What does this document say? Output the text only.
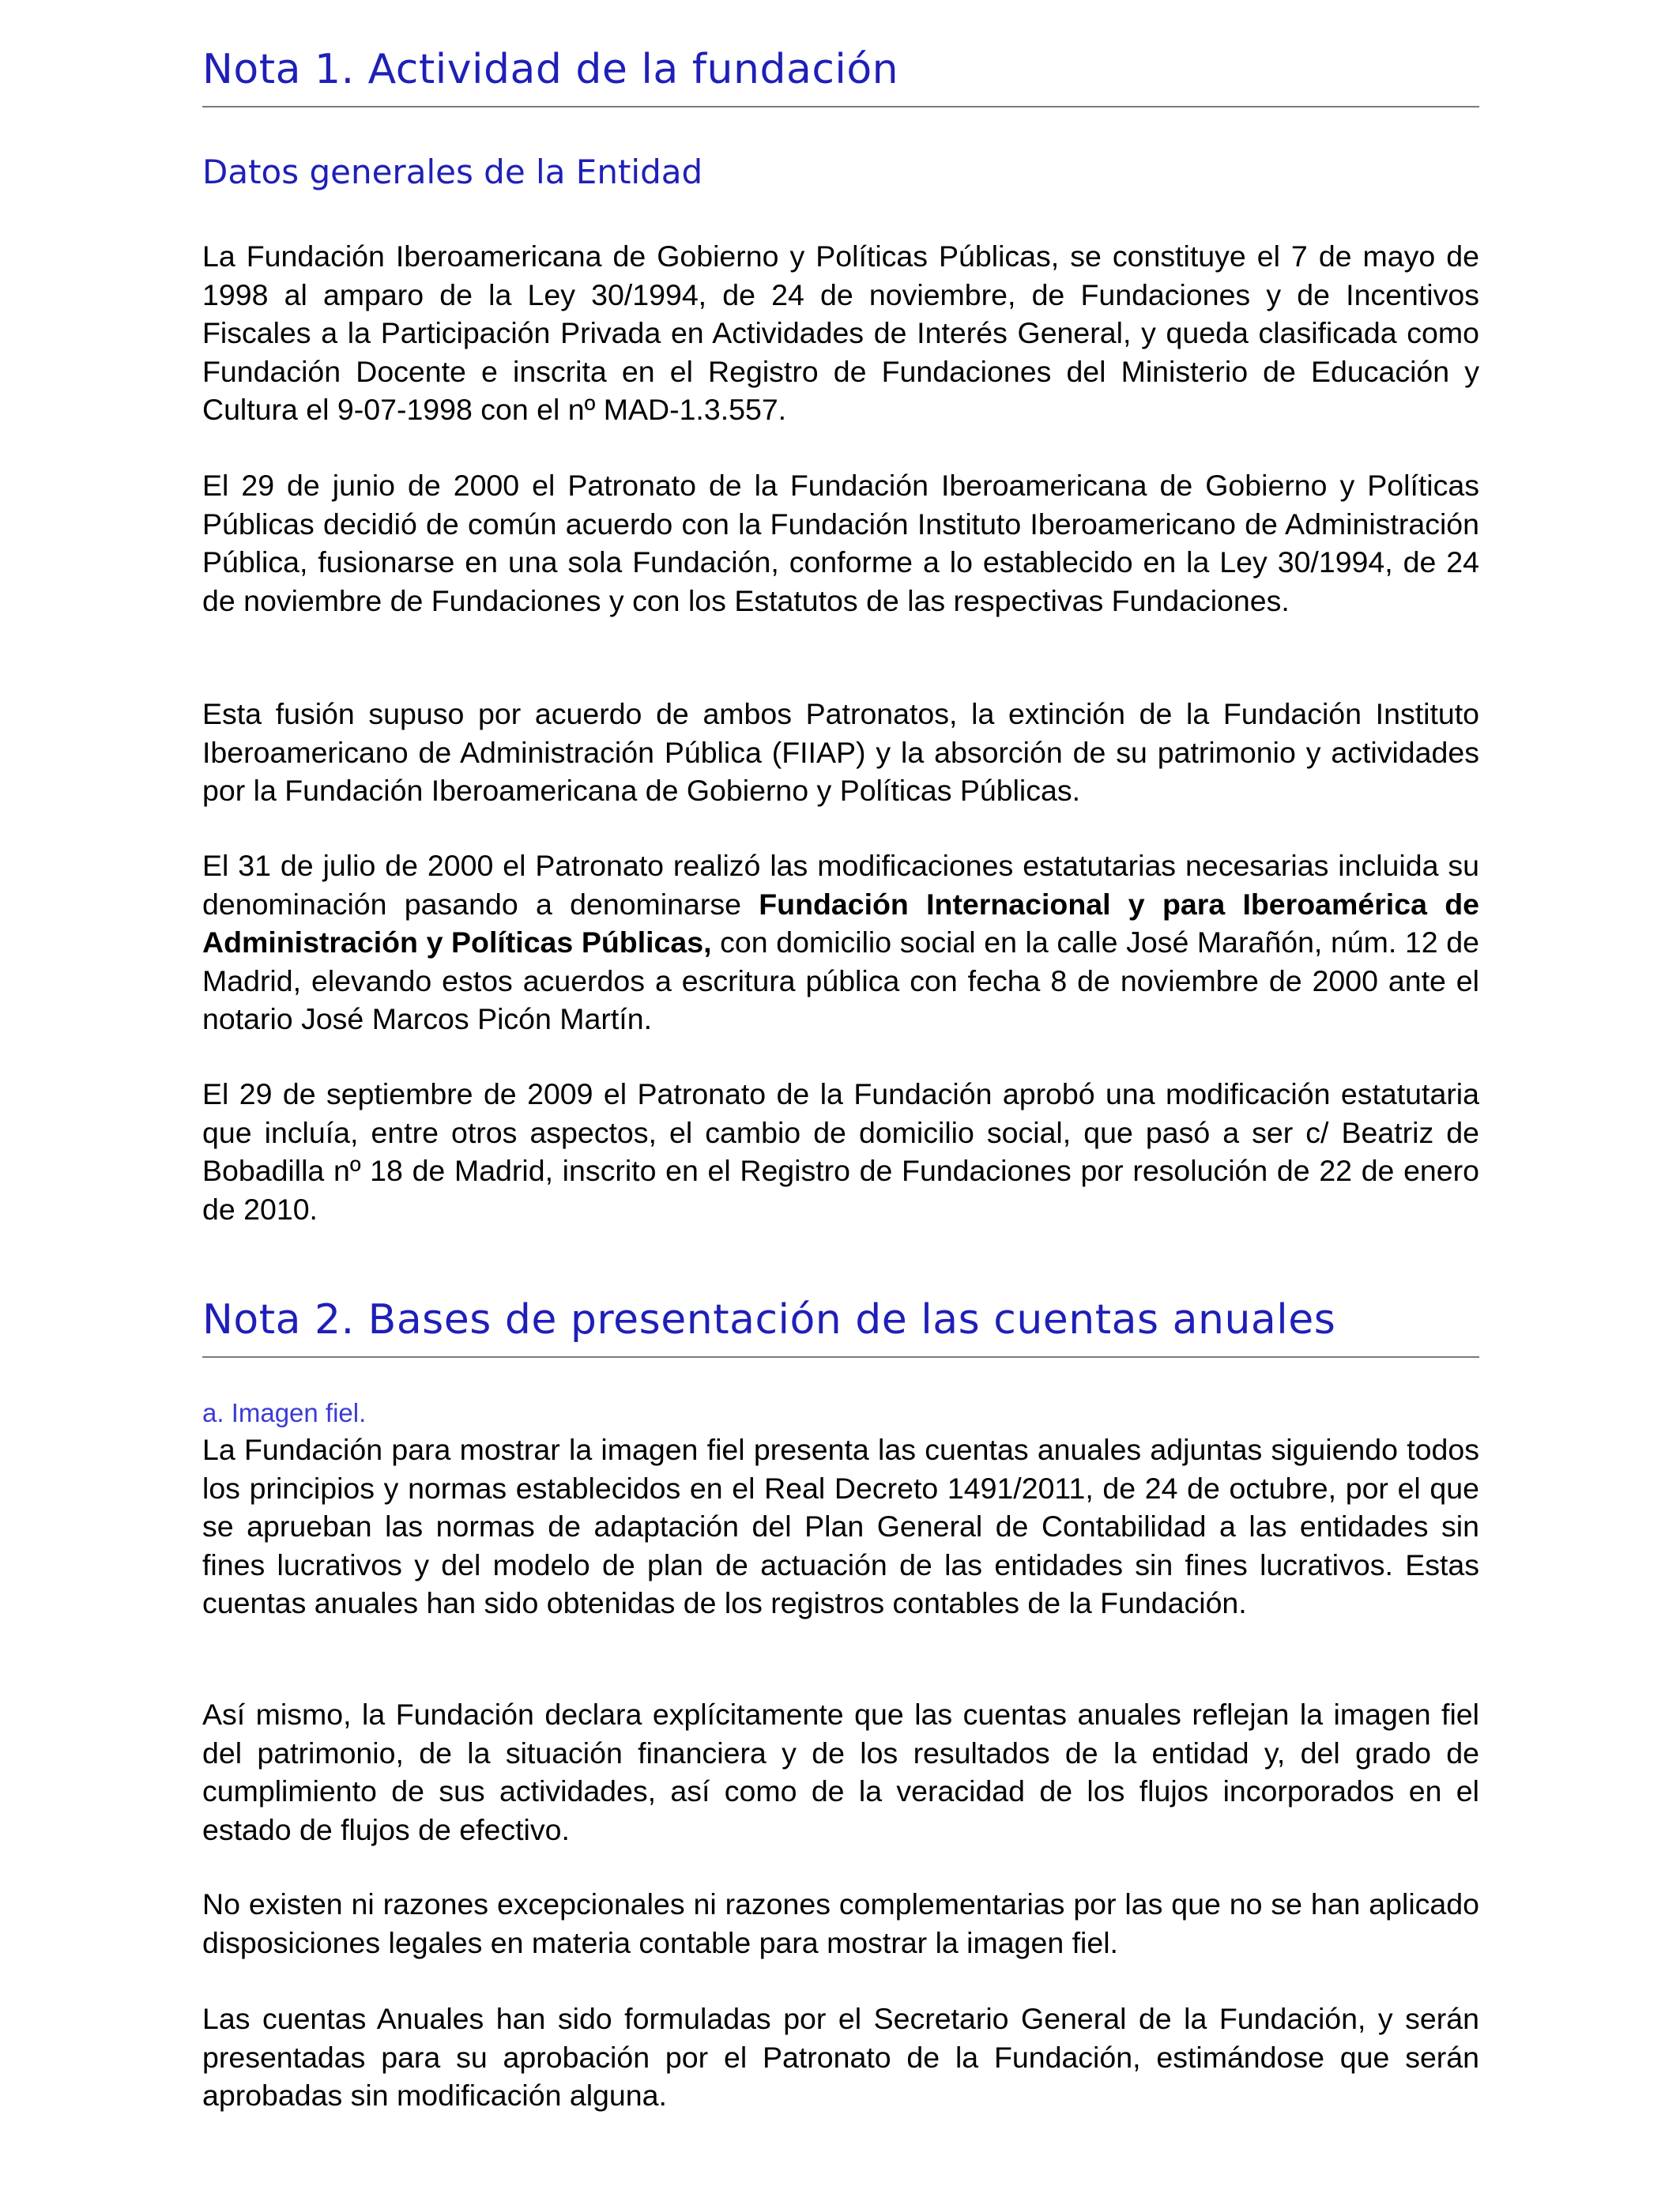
Nota 1. Actividad de la fundación
Datos generales de la Entidad

La Fundación Iberoamericana de Gobierno y Políticas Públicas, se constituye el 7 de mayo de 1998 al amparo de la Ley 30/1994, de 24 de noviembre, de Fundaciones y de Incentivos Fiscales a la Participación Privada en Actividades de Interés General, y queda clasificada como Fundación Docente e inscrita en el Registro de Fundaciones del Ministerio de Educación y Cultura el 9-07-1998 con el nº MAD-1.3.557.

El 29 de junio de 2000 el Patronato de la Fundación Iberoamericana de Gobierno y Políticas Públicas decidió de común acuerdo con la Fundación Instituto Iberoamericano de Administración Pública, fusionarse en una sola Fundación, conforme a lo establecido en la Ley 30/1994, de 24 de noviembre de Fundaciones y con los Estatutos de las respectivas Fundaciones.

Esta fusión supuso por acuerdo de ambos Patronatos, la extinción de la Fundación Instituto Iberoamericano de Administración Pública (FIIAP) y la absorción de su patrimonio y actividades por la Fundación Iberoamericana de Gobierno y Políticas Públicas.

El 31 de julio de 2000 el Patronato realizó las modificaciones estatutarias necesarias incluida su denominación pasando a denominarse Fundación Internacional y para Iberoamérica de Administración y Políticas Públicas, con domicilio social en la calle José Marañón, núm. 12 de Madrid, elevando estos acuerdos a escritura pública con fecha 8 de noviembre de 2000 ante el notario José Marcos Picón Martín.

El 29 de septiembre de 2009 el Patronato de la Fundación aprobó una modificación estatutaria que incluía, entre otros aspectos, el cambio de domicilio social, que pasó a ser c/ Beatriz de Bobadilla nº 18 de Madrid, inscrito en el Registro de Fundaciones por resolución de 22 de enero de 2010.

Nota 2. Bases de presentación de las cuentas anuales
a. Imagen fiel.

La Fundación para mostrar la imagen fiel presenta las cuentas anuales adjuntas siguiendo todos los principios y normas establecidos en el Real Decreto 1491/2011, de 24 de octubre, por el que se aprueban las normas de adaptación del Plan General de Contabilidad a las entidades sin fines lucrativos y del modelo de plan de actuación de las entidades sin fines lucrativos. Estas cuentas anuales han sido obtenidas de los registros contables de la Fundación.

Así mismo, la Fundación declara explícitamente que las cuentas anuales reflejan la imagen fiel del patrimonio, de la situación financiera y de los resultados de la entidad y, del grado de cumplimiento de sus actividades, así como de la veracidad de los flujos incorporados en el estado de flujos de efectivo.

No existen ni razones excepcionales ni razones complementarias por las que no se han aplicado disposiciones legales en materia contable para mostrar la imagen fiel.

Las cuentas Anuales han sido formuladas por el Secretario General de la Fundación, y serán presentadas para su aprobación por el Patronato de la Fundación, estimándose que serán aprobadas sin modificación alguna.
